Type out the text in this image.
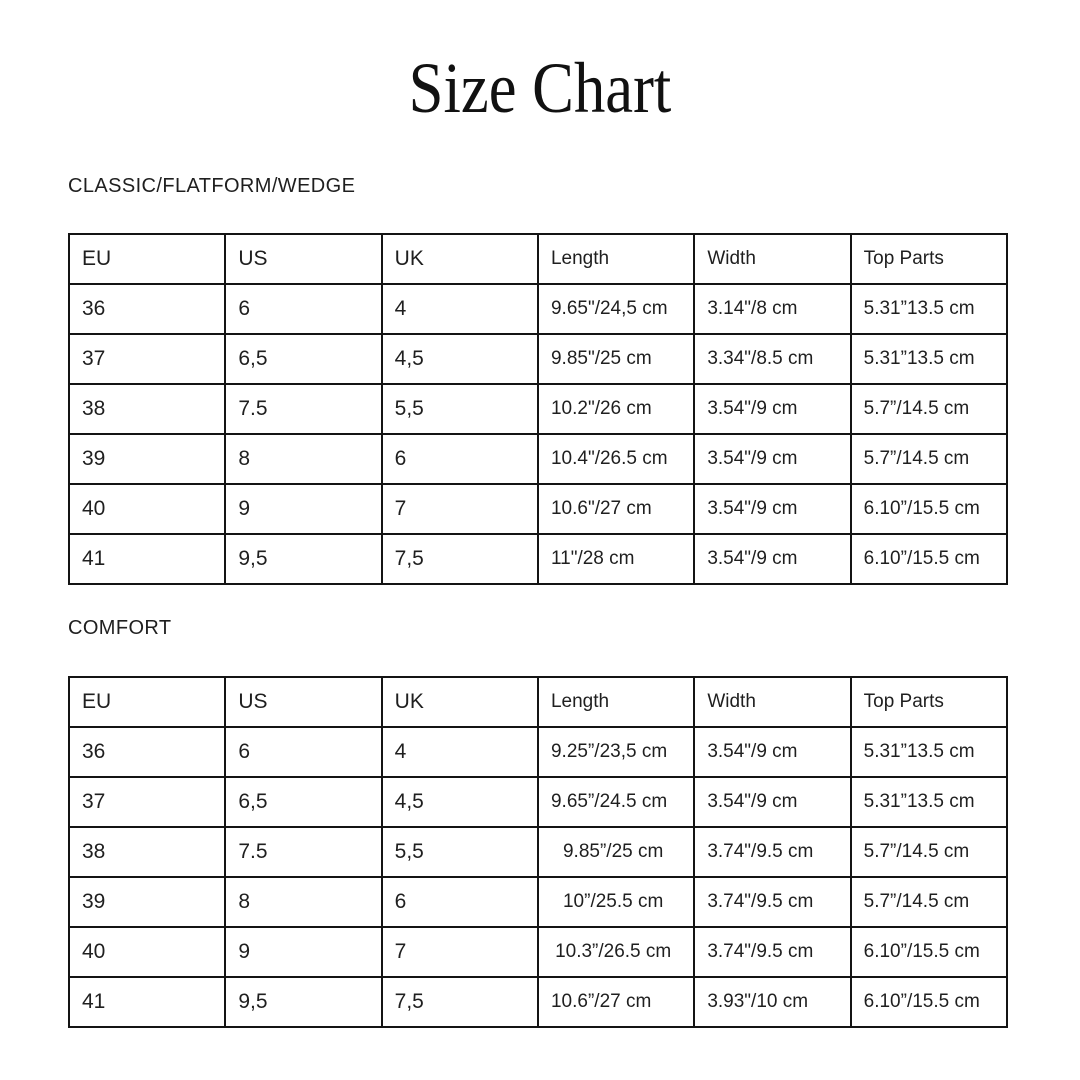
Size Chart
CLASSIC/FLATFORM/WEDGE
EU	US	UK	Length	Width	Top Parts
36	6	4	9.65"/24,5 cm	3.14"/8 cm	5.31”13.5 cm
37	6,5	4,5	9.85"/25 cm	3.34"/8.5 cm	5.31”13.5 cm
38	7.5	5,5	10.2"/26 cm	3.54"/9 cm	5.7”/14.5 cm
39	8	6	10.4"/26.5 cm	3.54"/9 cm	5.7”/14.5 cm
40	9	7	10.6"/27 cm	3.54"/9 cm	6.10”/15.5 cm
41	9,5	7,5	11"/28 cm	3.54"/9 cm	6.10”/15.5 cm
COMFORT
EU	US	UK	Length	Width	Top Parts
36	6	4	9.25”/23,5 cm	3.54"/9 cm	5.31”13.5 cm
37	6,5	4,5	9.65”/24.5 cm	3.54"/9 cm	5.31”13.5 cm
38	7.5	5,5	9.85”/25 cm	3.74"/9.5 cm	5.7”/14.5 cm
39	8	6	10”/25.5 cm	3.74"/9.5 cm	5.7”/14.5 cm
40	9	7	10.3”/26.5 cm	3.74"/9.5 cm	6.10”/15.5 cm
41	9,5	7,5	10.6”/27 cm	3.93"/10 cm	6.10”/15.5 cm
